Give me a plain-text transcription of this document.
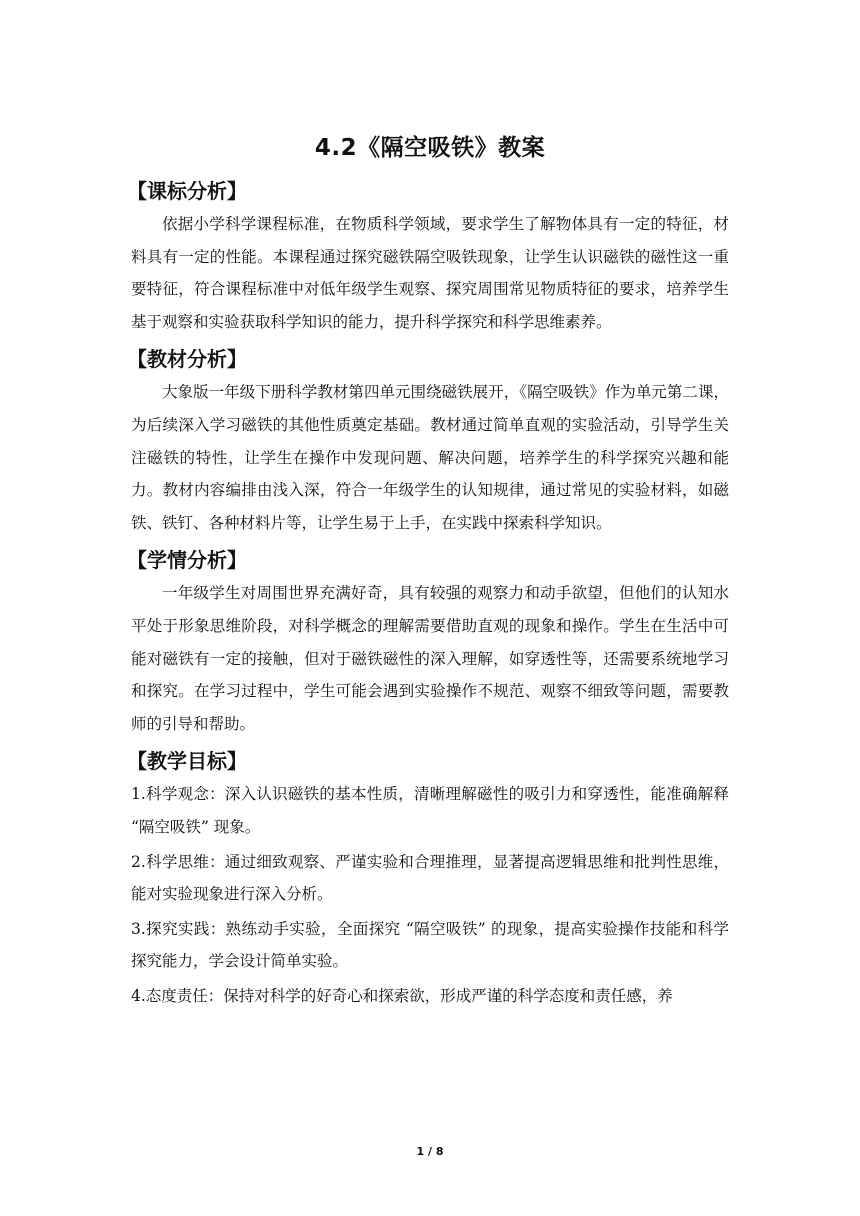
4.2《隔空吸铁》教案
【课标分析】

依据小学科学课程标准，在物质科学领域，要求学生了解物体具有一定的特征，材料具有一定的性能。本课程通过探究磁铁隔空吸铁现象，让学生认识磁铁的磁性这一重要特征，符合课程标准中对低年级学生观察、探究周围常见物质特征的要求，培养学生基于观察和实验获取科学知识的能力，提升科学探究和科学思维素养。

【教材分析】

大象版一年级下册科学教材第四单元围绕磁铁展开，《隔空吸铁》作为单元第二课，为后续深入学习磁铁的其他性质奠定基础。教材通过简单直观的实验活动，引导学生关注磁铁的特性，让学生在操作中发现问题、解决问题，培养学生的科学探究兴趣和能力。教材内容编排由浅入深，符合一年级学生的认知规律，通过常见的实验材料，如磁铁、铁钉、各种材料片等，让学生易于上手，在实践中探索科学知识。

【学情分析】

一年级学生对周围世界充满好奇，具有较强的观察力和动手欲望，但他们的认知水平处于形象思维阶段，对科学概念的理解需要借助直观的现象和操作。学生在生活中可能对磁铁有一定的接触，但对于磁铁磁性的深入理解，如穿透性等，还需要系统地学习和探究。在学习过程中，学生可能会遇到实验操作不规范、观察不细致等问题，需要教师的引导和帮助。

【教学目标】

1.科学观念：深入认识磁铁的基本性质，清晰理解磁性的吸引力和穿透性，能准确解释 “隔空吸铁” 现象。

2.科学思维：通过细致观察、严谨实验和合理推理，显著提高逻辑思维和批判性思维，能对实验现象进行深入分析。

3.探究实践：熟练动手实验，全面探究 “隔空吸铁” 的现象，提高实验操作技能和科学探究能力，学会设计简单实验。

4.态度责任：保持对科学的好奇心和探索欲，形成严谨的科学态度和责任感，养

1 / 8
